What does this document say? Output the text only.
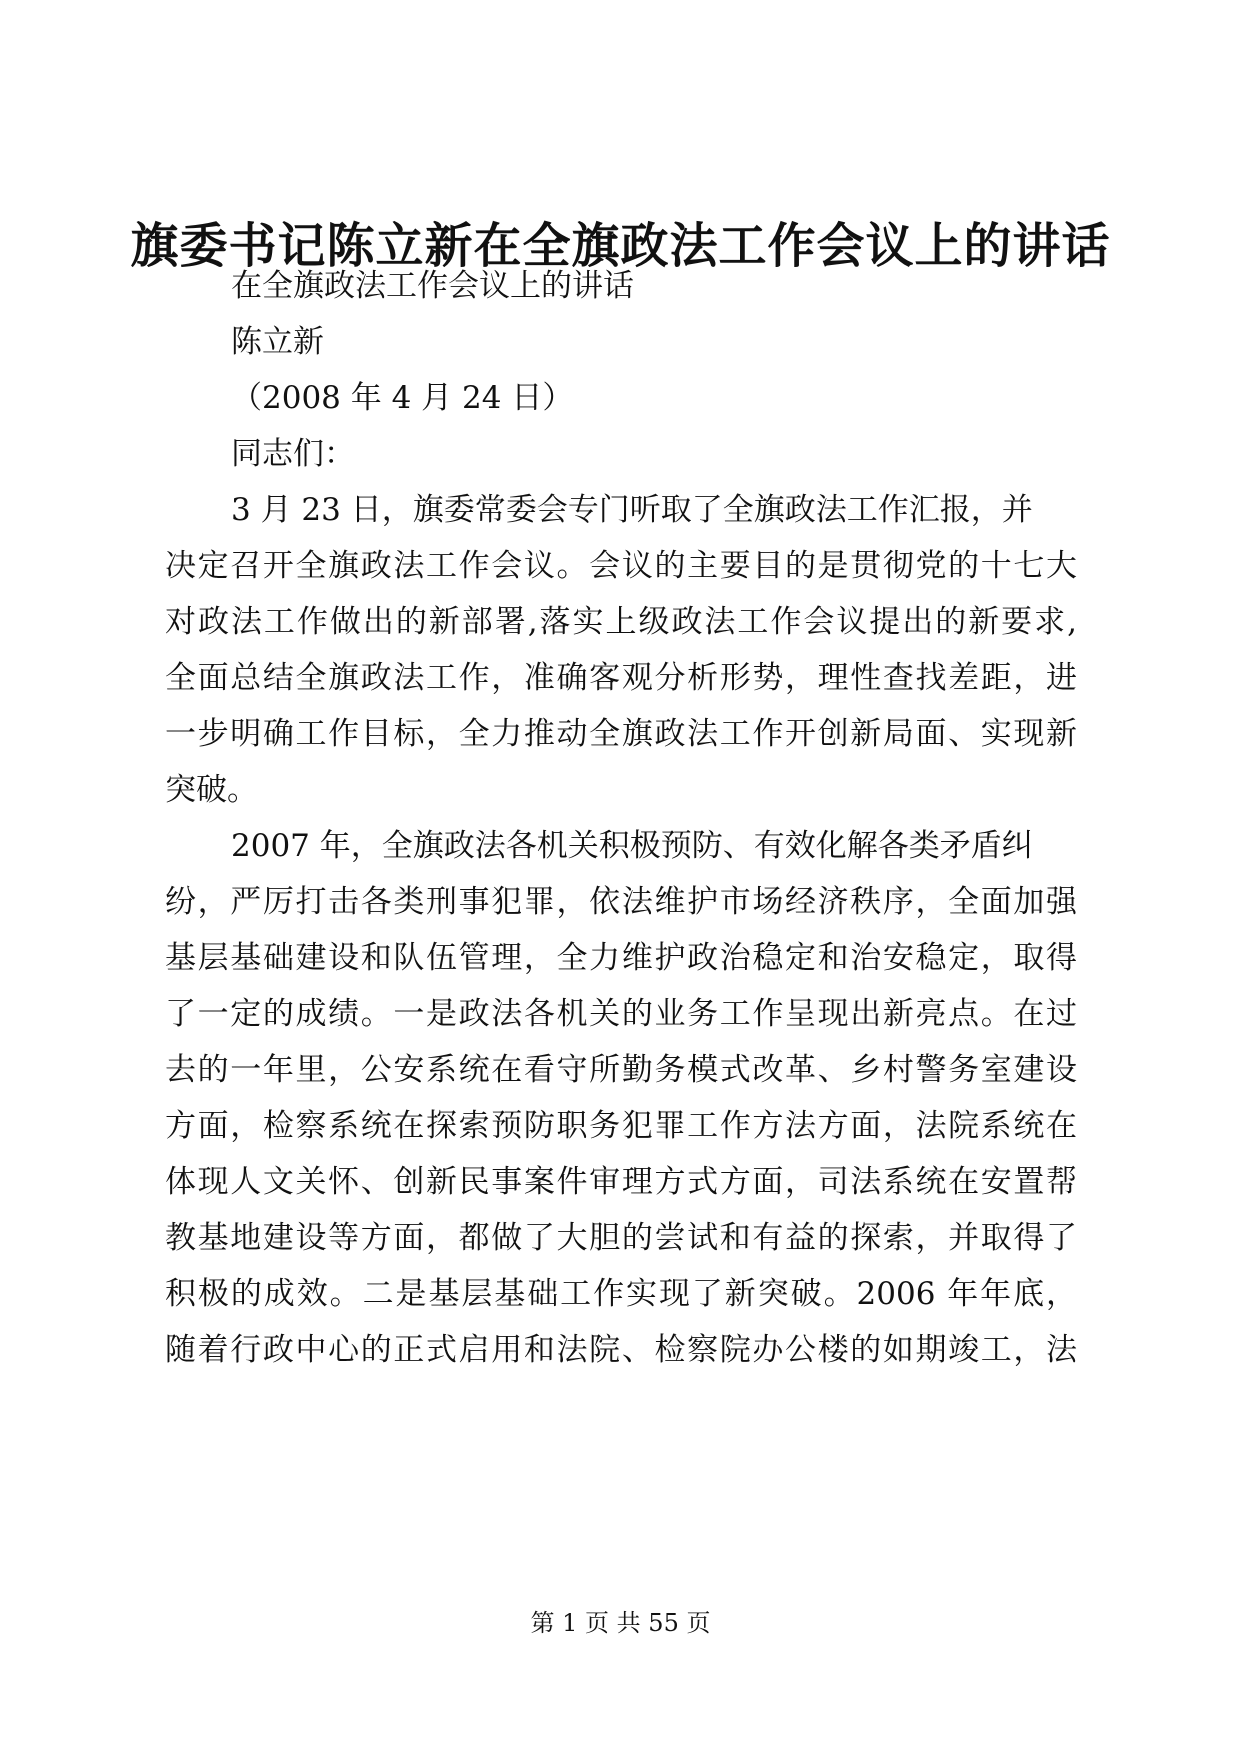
旗委书记陈立新在全旗政法工作会议上的讲话
在全旗政法工作会议上的讲话
陈立新
（2008 年 4 月 24 日）
同志们：
3 月 23 日，旗委常委会专门听取了全旗政法工作汇报，并
决定召开全旗政法工作会议。会议的主要目的是贯彻党的十七大
对政法工作做出的新部署,落实上级政法工作会议提出的新要求,
全面总结全旗政法工作，准确客观分析形势，理性查找差距，进
一步明确工作目标，全力推动全旗政法工作开创新局面、实现新
突破。
2007 年，全旗政法各机关积极预防、有效化解各类矛盾纠
纷，严厉打击各类刑事犯罪，依法维护市场经济秩序，全面加强
基层基础建设和队伍管理，全力维护政治稳定和治安稳定，取得
了一定的成绩。一是政法各机关的业务工作呈现出新亮点。在过
去的一年里，公安系统在看守所勤务模式改革、乡村警务室建设
方面，检察系统在探索预防职务犯罪工作方法方面，法院系统在
体现人文关怀、创新民事案件审理方式方面，司法系统在安置帮
教基地建设等方面，都做了大胆的尝试和有益的探索，并取得了
积极的成效。二是基层基础工作实现了新突破。2006 年年底，
随着行政中心的正式启用和法院、检察院办公楼的如期竣工，法
第 1 页 共 55 页
